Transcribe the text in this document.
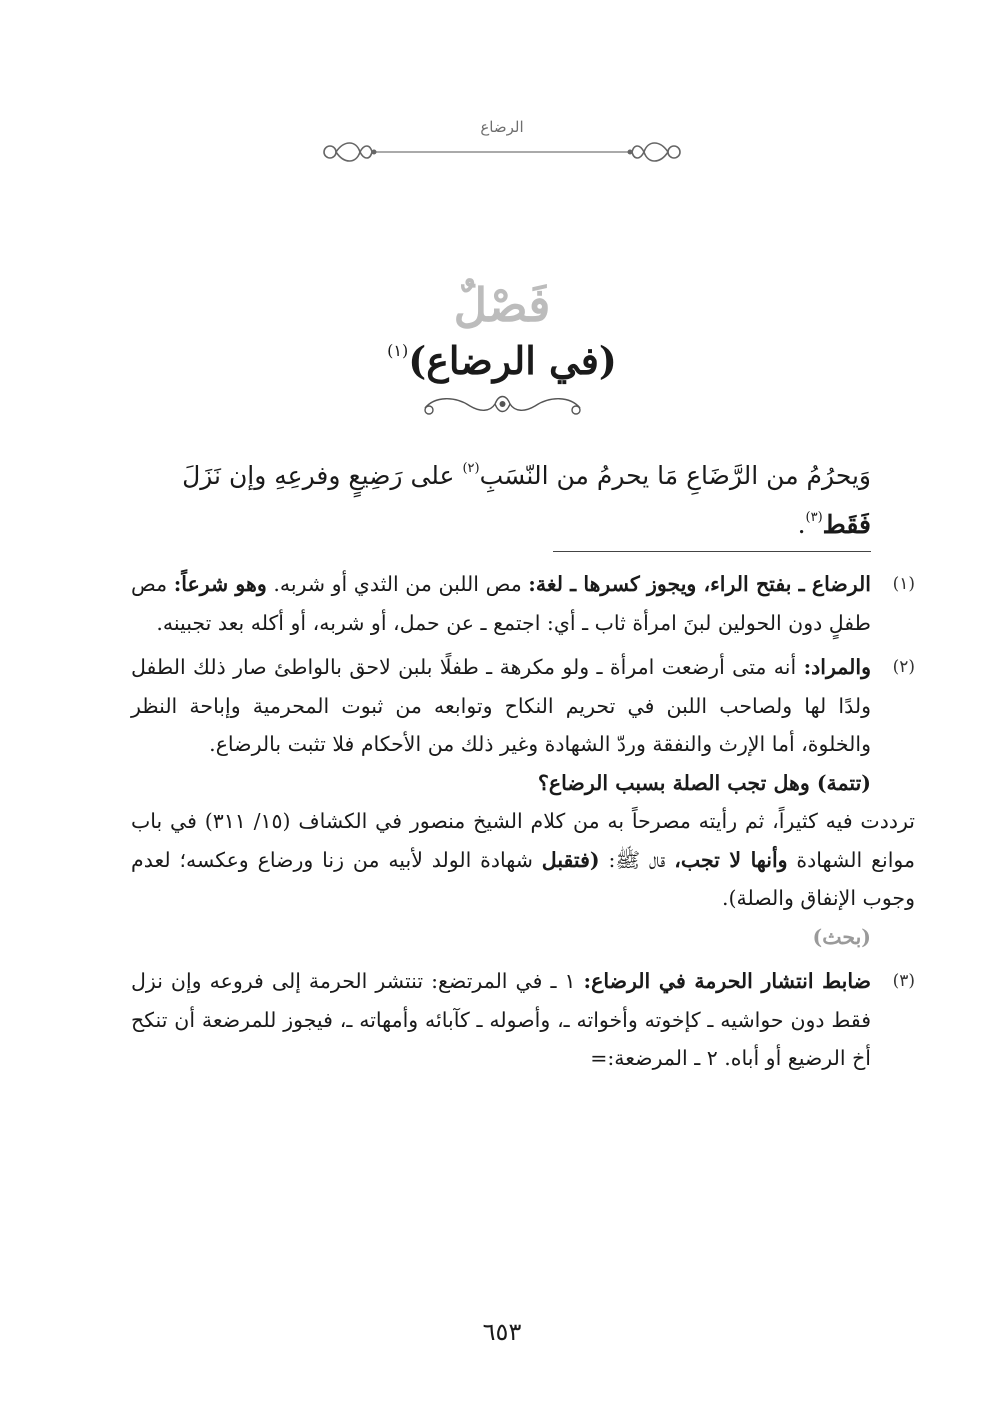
الرضاع
فَصْلٌ
(في الرضاع)$^{(١)}$
وَيحرُمُ من الرَّضَاعِ مَا يحرمُ من النّسَبِ$^{(٢)}$ على رَضِيعٍ وفرعِهِ وإن نَزَلَ
فَقَط$^{(٣)}$.
(١)

الرضاع ـ بفتح الراء، ويجوز كسرها ـ لغة: مص اللبن من الثدي أو شربه. وهو شرعاً: مص طفلٍ دون الحولين لبنَ امرأة ثاب ـ أي: اجتمع ـ عن حمل، أو شربه، أو أكله بعد تجبينه.

(٢)

والمراد: أنه متى أرضعت امرأة ـ ولو مكرهة ـ طفلًا بلبن لاحق بالواطئ صار ذلك الطفل ولدًا لها ولصاحب اللبن في تحريم النكاح وتوابعه من ثبوت المحرمية وإباحة النظر والخلوة، أما الإرث والنفقة وردّ الشهادة وغير ذلك من الأحكام فلا تثبت بالرضاع.

(تتمة) وهل تجب الصلة بسبب الرضاع؟

ترددت فيه كثيراً، ثم رأيته مصرحاً به من كلام الشيخ منصور في الكشاف (١٥/ ٣١١) في باب موانع الشهادة وأنها لا تجب، قال ﷺ: (فتقبل شهادة الولد لأبيه من زنا ورضاع وعكسه؛ لعدم وجوب الإنفاق والصلة).

(بحث)

(٣)

ضابط انتشار الحرمة في الرضاع: ١ ـ في المرتضع: تنتشر الحرمة إلى فروعه وإن نزل فقط دون حواشيه ـ كإخوته وأخواته ـ، وأصوله ـ كآبائه وأمهاته ـ، فيجوز للمرضعة أن تنكح أخ الرضيع أو أباه. ٢ ـ المرضعة:=

٦٥٣
